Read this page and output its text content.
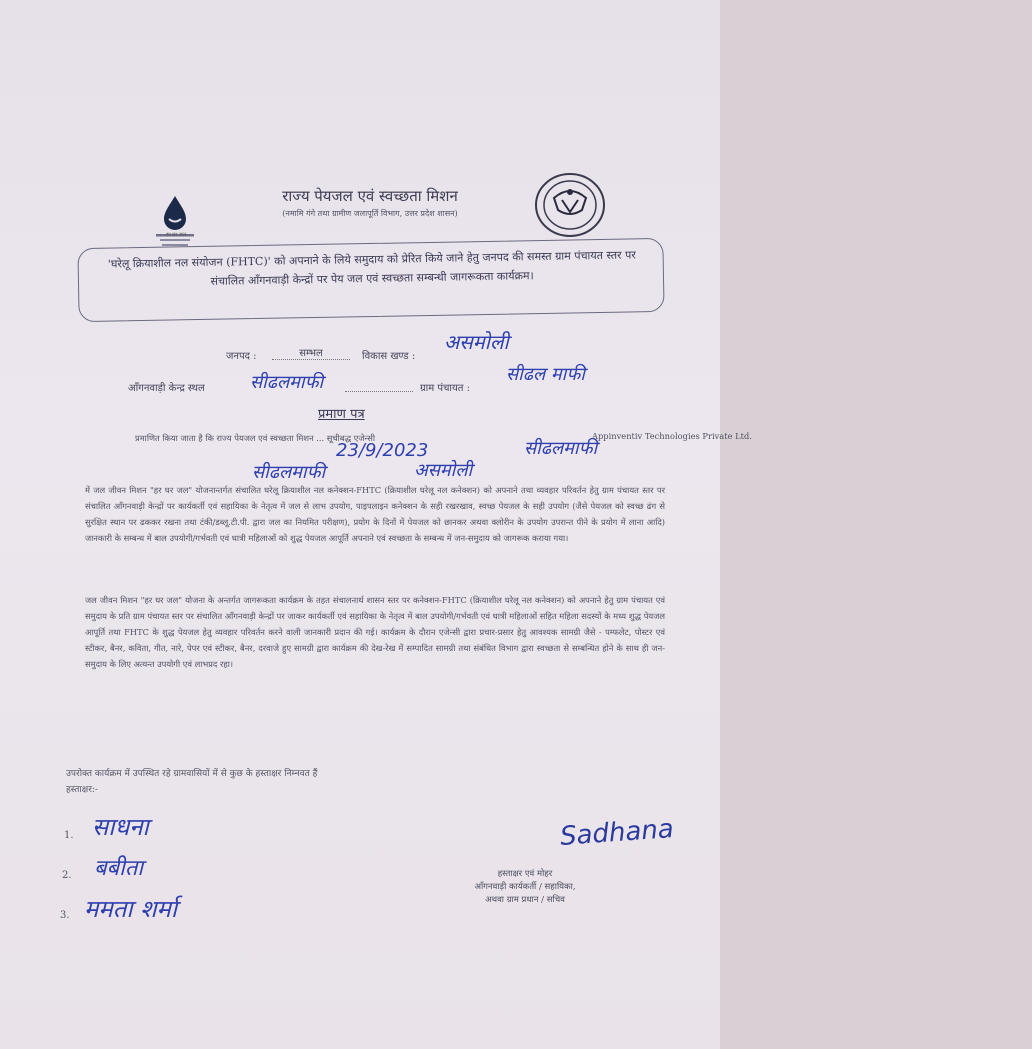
हर घर जल
राज्य पेयजल एवं स्वच्छता मिशन
(नमामि गंगे तथा ग्रामीण जलापूर्ति विभाग, उत्तर प्रदेश शासन)
'घरेलू क्रियाशील नल संयोजन (FHTC)' को अपनाने के लिये समुदाय को प्रेरित किये जाने हेतु जनपद की समस्त ग्राम पंचायत स्तर पर संचालित आँगनवाड़ी केन्द्रों पर पेय जल एवं स्वच्छता सम्बन्धी जागरूकता कार्यक्रम।
जनपद :	सम्भल	विकास खण्ड :
असमोली
आँगनवाड़ी केन्द्र स्थल	सीढलमाफी	ग्राम पंचायत :
सीढल माफी
प्रमाण पत्र
प्रमाणित किया जाता है कि राज्य पेयजल एवं स्वच्छता मिशन ... सूचीबद्ध एजेन्सी	Appinventiv Technologies Private Ltd.
23/9/2023	सीढलमाफी
सीढलमाफी	असमोली
में जल जीवन मिशन "हर घर जल" योजनान्तर्गत संचालित घरेलू क्रियाशील नल कनेक्शन-FHTC (क्रियाशील घरेलू नल कनेक्शन) को अपनाने तथा व्यवहार परिवर्तन हेतु ग्राम पंचायत स्तर पर संचालित आँगनवाड़ी केन्द्रों पर कार्यकर्ती एवं सहायिका के नेतृत्व में जल से लाभ उपयोग, पाइपलाइन कनेक्शन के सही रखरखाव, स्वच्छ पेयजल के सही उपयोग (जैसे पेयजल को स्वच्छ ढंग से सुरक्षित स्थान पर ढककर रखना तथा टंकी/डब्लू.टी.पी. द्वारा जल का नियमित परीक्षण), प्रयोग के दिनों में पेयजल को छानकर अथवा क्लोरीन के उपयोग उपरान्त पीने के प्रयोग में लाना आदि) जानकारी के सम्बन्ध में बाल उपयोगी/गर्भवती एवं धात्री महिलाओं को शुद्ध पेयजल आपूर्ति अपनाने एवं स्वच्छता के सम्बन्ध में जन-समुदाय को जागरूक कराया गया।
जल जीवन मिशन "हर घर जल" योजना के अन्तर्गत जागरूकता कार्यक्रम के तहत संचालनार्थ शासन स्तर पर कनेक्शन-FHTC (क्रियाशील घरेलू नल कनेक्शन) को अपनाने हेतु ग्राम पंचायत एवं समुदाय के प्रति ग्राम पंचायत स्तर पर संचालित आँगनवाड़ी केन्द्रों पर जाकर कार्यकर्ती एवं सहायिका के नेतृत्व में बाल उपयोगी/गर्भवती एवं धात्री महिलाओं सहित महिला सदस्यों के मध्य शुद्ध पेयजल आपूर्ति तथा FHTC के शुद्ध पेयजल हेतु व्यवहार परिवर्तन करने वाली जानकारी प्रदान की गई। कार्यक्रम के दौरान एजेन्सी द्वारा प्रचार-प्रसार हेतु आवश्यक सामग्री जैसे - पम्फलेट, पोस्टर एवं स्टीकर, बैनर, कविता, गीत, नारे, पेपर एवं स्टीकर, बैनर, दरवाजे हुए सामग्री द्वारा कार्यक्रम की देख-रेख में सम्पादित सामग्री तथा संबंधित विभाग द्वारा स्वच्छता से सम्बन्धित होने के साथ ही जन-समुदाय के लिए अत्यन्त उपयोगी एवं लाभप्रद रहा।
उपरोक्त कार्यक्रम में उपस्थित रहे ग्रामवासियों में से कुछ के हस्ताक्षर निम्नवत हैं
हस्ताक्षर:-
1. साधना
2. बबीता
3. ममता शर्मा
Sadhana
हस्ताक्षर एवं मोहर
आँगनवाड़ी कार्यकर्ती / सहायिका,
अथवा ग्राम प्रधान / सचिव
